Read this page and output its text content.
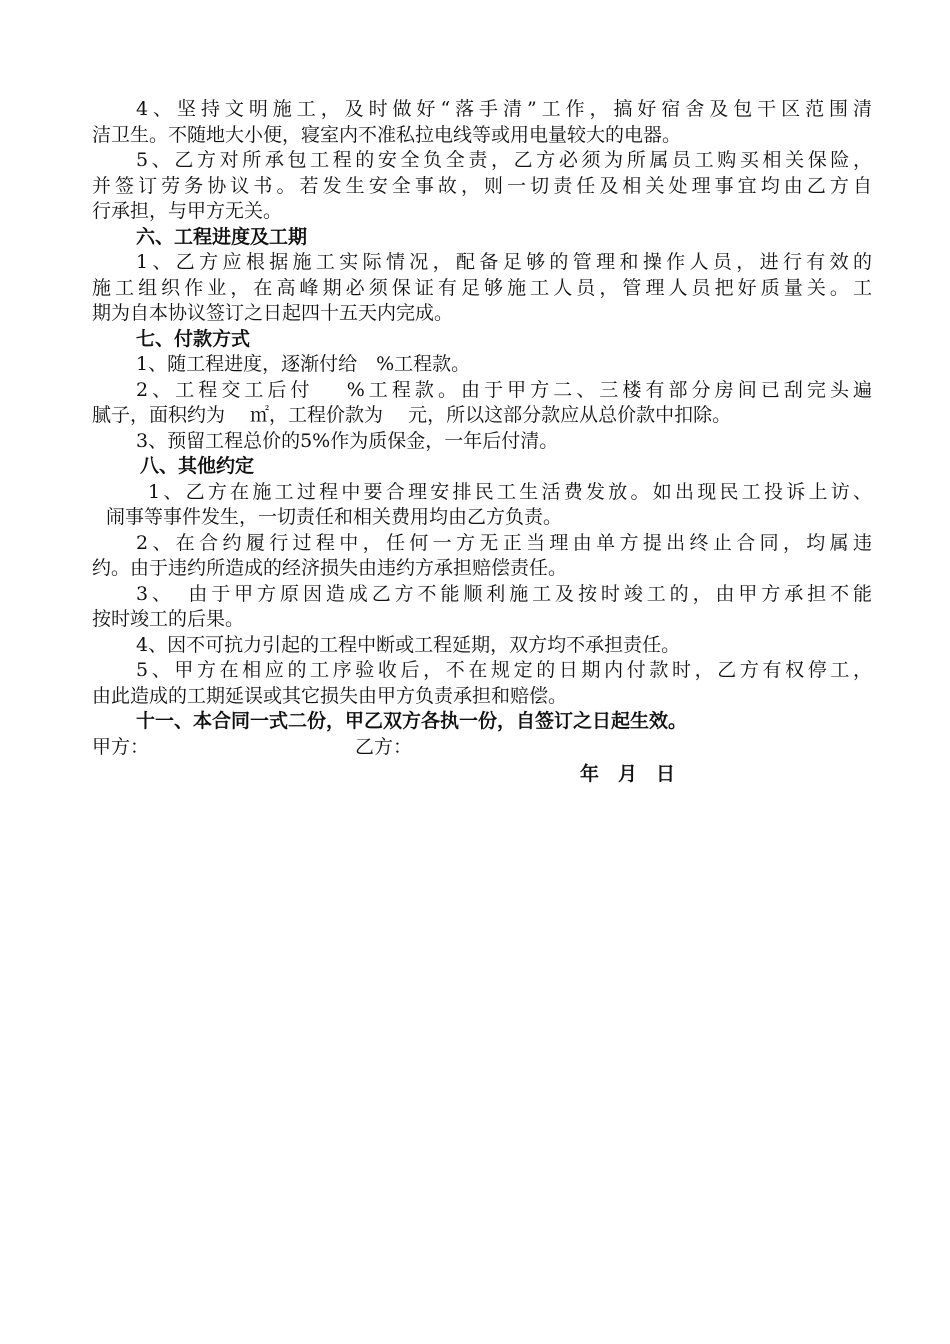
4、坚持文明施工，及时做好“落手清”工作，搞好宿舍及包干区范围清
洁卫生。不随地大小便，寝室内不准私拉电线等或用电量较大的电器。
5、乙方对所承包工程的安全负全责，乙方必须为所属员工购买相关保险，
并签订劳务协议书。若发生安全事故，则一切责任及相关处理事宜均由乙方自
行承担，与甲方无关。
六、工程进度及工期
1、乙方应根据施工实际情况，配备足够的管理和操作人员，进行有效的
施工组织作业，在高峰期必须保证有足够施工人员，管理人员把好质量关。工
期为自本协议签订之日起四十五天内完成。
七、付款方式
1、随工程进度，逐渐付给　%工程款。
2、工程交工后付　 %工程款。由于甲方二、三楼有部分房间已刮完头遍
腻子，面积约为　 ㎡，工程价款为　 元，所以这部分款应从总价款中扣除。
3、预留工程总价的5%作为质保金，一年后付清。
八、其他约定
1、乙方在施工过程中要合理安排民工生活费发放。如出现民工投诉上访、
闹事等事件发生，一切责任和相关费用均由乙方负责。
2、在合约履行过程中，任何一方无正当理由单方提出终止合同，均属违
约。由于违约所造成的经济损失由违约方承担赔偿责任。
3、　由于甲方原因造成乙方不能顺利施工及按时竣工的，由甲方承担不能
按时竣工的后果。
4、因不可抗力引起的工程中断或工程延期，双方均不承担责任。
5、甲方在相应的工序验收后，不在规定的日期内付款时，乙方有权停工，
由此造成的工期延误或其它损失由甲方负责承担和赔偿。
十一、本合同一式二份，甲乙双方各执一份，自签订之日起生效。
甲方：	乙方：
年　月　日
